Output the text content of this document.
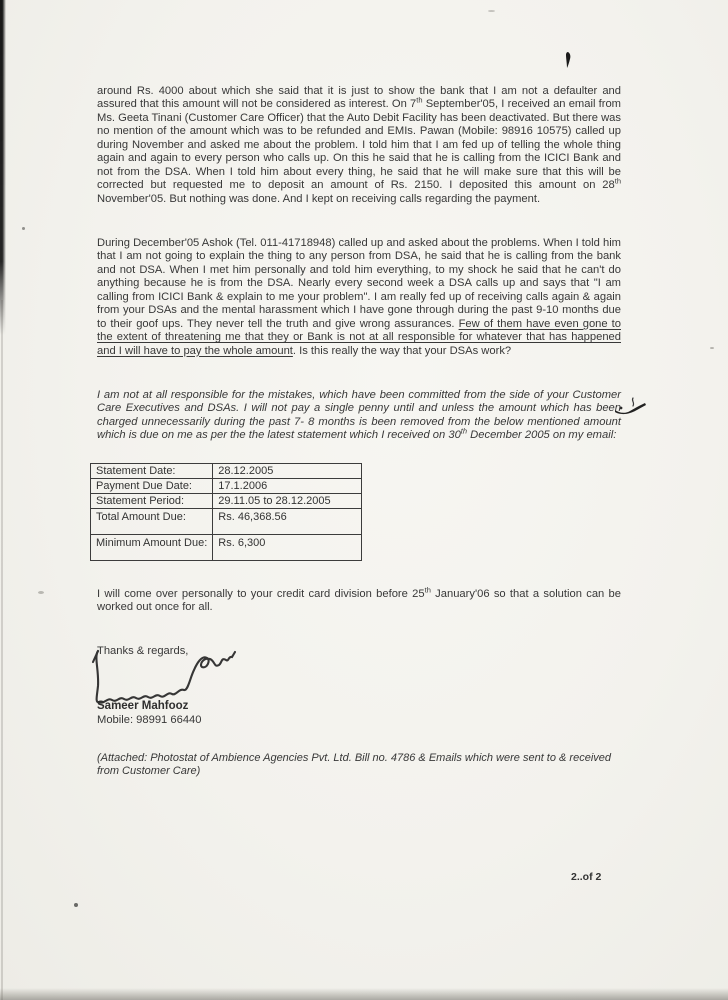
around Rs. 4000 about which she said that it is just to show the bank that I am not a defaulter and assured that this amount will not be considered as interest. On 7th September'05, I received an email from Ms. Geeta Tinani (Customer Care Officer) that the Auto Debit Facility has been deactivated. But there was no mention of the amount which was to be refunded and EMIs. Pawan (Mobile: 98916 10575) called up during November and asked me about the problem. I told him that I am fed up of telling the whole thing again and again to every person who calls up. On this he said that he is calling from the ICICI Bank and not from the DSA. When I told him about every thing, he said that he will make sure that this will be corrected but requested me to deposit an amount of Rs. 2150. I deposited this amount on 28th November'05. But nothing was done. And I kept on receiving calls regarding the payment.

During December'05 Ashok (Tel. 011-41718948) called up and asked about the problems. When I told him that I am not going to explain the thing to any person from DSA, he said that he is calling from the bank and not DSA. When I met him personally and told him everything, to my shock he said that he can't do anything because he is from the DSA. Nearly every second week a DSA calls up and says that "I am calling from ICICI Bank & explain to me your problem". I am really fed up of receiving calls again & again from your DSAs and the mental harassment which I have gone through during the past 9-10 months due to their goof ups. They never tell the truth and give wrong assurances. Few of them have even gone to the extent of threatening me that they or Bank is not at all responsible for whatever that has happened and I will have to pay the whole amount. Is this really the way that your DSAs work?

I am not at all responsible for the mistakes, which have been committed from the side of your Customer Care Executives and DSAs. I will not pay a single penny until and unless the amount which has been charged unnecessarily during the past 7- 8 months is been removed from the below mentioned amount which is due on me as per the the latest statement which I received on 30th December 2005 on my email:

Statement Date:	28.12.2005
Payment Due Date:	17.1.2006
Statement Period:	29.11.05 to 28.12.2005
Total Amount Due:	Rs. 46,368.56
Minimum Amount Due:	Rs. 6,300

I will come over personally to your credit card division before 25th January'06 so that a solution can be worked out once for all.

Thanks & regards,
Sameer Mahfooz
Mobile: 98991 66440

(Attached: Photostat of Ambience Agencies Pvt. Ltd. Bill no. 4786 & Emails which were sent to & received from Customer Care)

2..of 2
